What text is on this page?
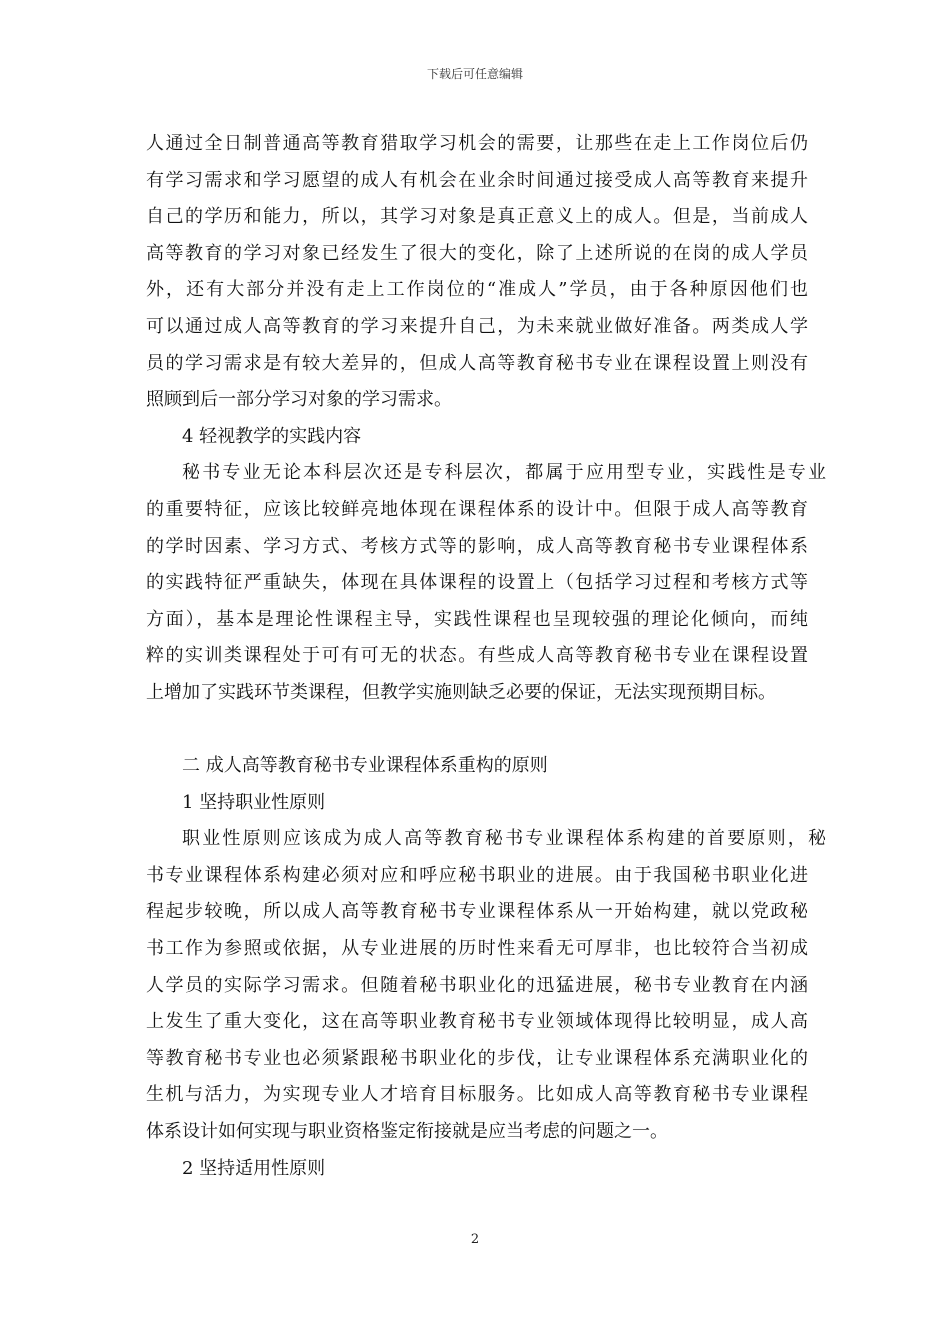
下载后可任意编辑
人通过全日制普通高等教育猎取学习机会的需要，让那些在走上工作岗位后仍
有学习需求和学习愿望的成人有机会在业余时间通过接受成人高等教育来提升
自己的学历和能力，所以，其学习对象是真正意义上的成人。但是，当前成人
高等教育的学习对象已经发生了很大的变化，除了上述所说的在岗的成人学员
外，还有大部分并没有走上工作岗位的“准成人”学员，由于各种原因他们也
可以通过成人高等教育的学习来提升自己，为未来就业做好准备。两类成人学
员的学习需求是有较大差异的，但成人高等教育秘书专业在课程设置上则没有
照顾到后一部分学习对象的学习需求。
4 轻视教学的实践内容
秘书专业无论本科层次还是专科层次，都属于应用型专业，实践性是专业
的重要特征，应该比较鲜亮地体现在课程体系的设计中。但限于成人高等教育
的学时因素、学习方式、考核方式等的影响，成人高等教育秘书专业课程体系
的实践特征严重缺失，体现在具体课程的设置上（包括学习过程和考核方式等
方面），基本是理论性课程主导，实践性课程也呈现较强的理论化倾向，而纯
粹的实训类课程处于可有可无的状态。有些成人高等教育秘书专业在课程设置
上增加了实践环节类课程，但教学实施则缺乏必要的保证，无法实现预期目标。
二 成人高等教育秘书专业课程体系重构的原则
1 坚持职业性原则
职业性原则应该成为成人高等教育秘书专业课程体系构建的首要原则，秘
书专业课程体系构建必须对应和呼应秘书职业的进展。由于我国秘书职业化进
程起步较晚，所以成人高等教育秘书专业课程体系从一开始构建，就以党政秘
书工作为参照或依据，从专业进展的历时性来看无可厚非，也比较符合当初成
人学员的实际学习需求。但随着秘书职业化的迅猛进展，秘书专业教育在内涵
上发生了重大变化，这在高等职业教育秘书专业领域体现得比较明显，成人高
等教育秘书专业也必须紧跟秘书职业化的步伐，让专业课程体系充满职业化的
生机与活力，为实现专业人才培育目标服务。比如成人高等教育秘书专业课程
体系设计如何实现与职业资格鉴定衔接就是应当考虑的问题之一。
2 坚持适用性原则
2
